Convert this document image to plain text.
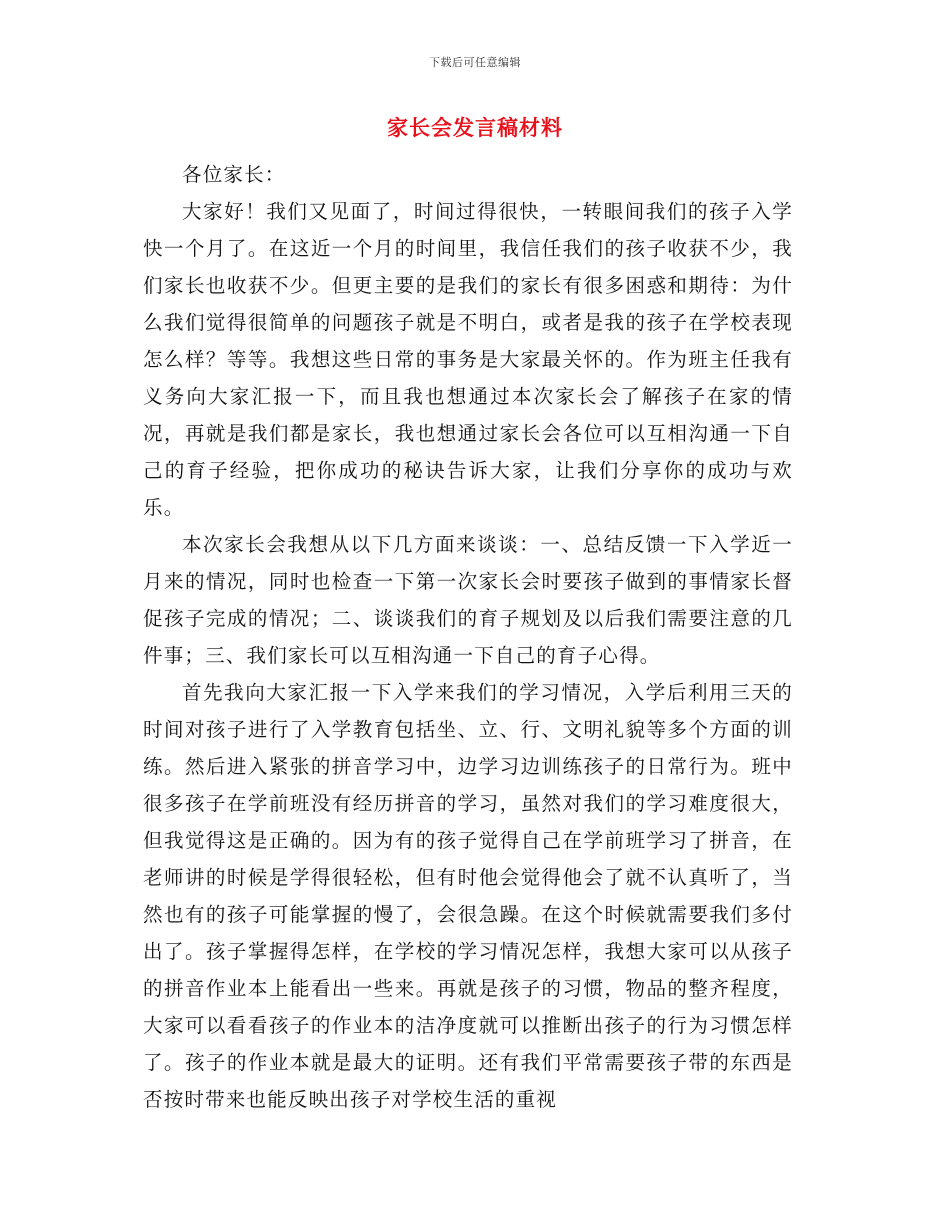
下载后可任意编辑
家长会发言稿材料

各位家长：

大家好！我们又见面了，时间过得很快，一转眼间我们的孩子入学快一个月了。在这近一个月的时间里，我信任我们的孩子收获不少，我们家长也收获不少。但更主要的是我们的家长有很多困惑和期待：为什么我们觉得很简单的问题孩子就是不明白，或者是我的孩子在学校表现怎么样？等等。我想这些日常的事务是大家最关怀的。作为班主任我有义务向大家汇报一下，而且我也想通过本次家长会了解孩子在家的情况，再就是我们都是家长，我也想通过家长会各位可以互相沟通一下自己的育子经验，把你成功的秘诀告诉大家，让我们分享你的成功与欢乐。

本次家长会我想从以下几方面来谈谈：一、总结反馈一下入学近一月来的情况，同时也检查一下第一次家长会时要孩子做到的事情家长督促孩子完成的情况；二、谈谈我们的育子规划及以后我们需要注意的几件事；三、我们家长可以互相沟通一下自己的育子心得。

首先我向大家汇报一下入学来我们的学习情况，入学后利用三天的时间对孩子进行了入学教育包括坐、立、行、文明礼貌等多个方面的训练。然后进入紧张的拼音学习中，边学习边训练孩子的日常行为。班中很多孩子在学前班没有经历拼音的学习，虽然对我们的学习难度很大，但我觉得这是正确的。因为有的孩子觉得自己在学前班学习了拼音，在老师讲的时候是学得很轻松，但有时他会觉得他会了就不认真听了，当然也有的孩子可能掌握的慢了，会很急躁。在这个时候就需要我们多付出了。孩子掌握得怎样，在学校的学习情况怎样，我想大家可以从孩子的拼音作业本上能看出一些来。再就是孩子的习惯，物品的整齐程度，大家可以看看孩子的作业本的洁净度就可以推断出孩子的行为习惯怎样了。孩子的作业本就是最大的证明。还有我们平常需要孩子带的东西是否按时带来也能反映出孩子对学校生活的重视
